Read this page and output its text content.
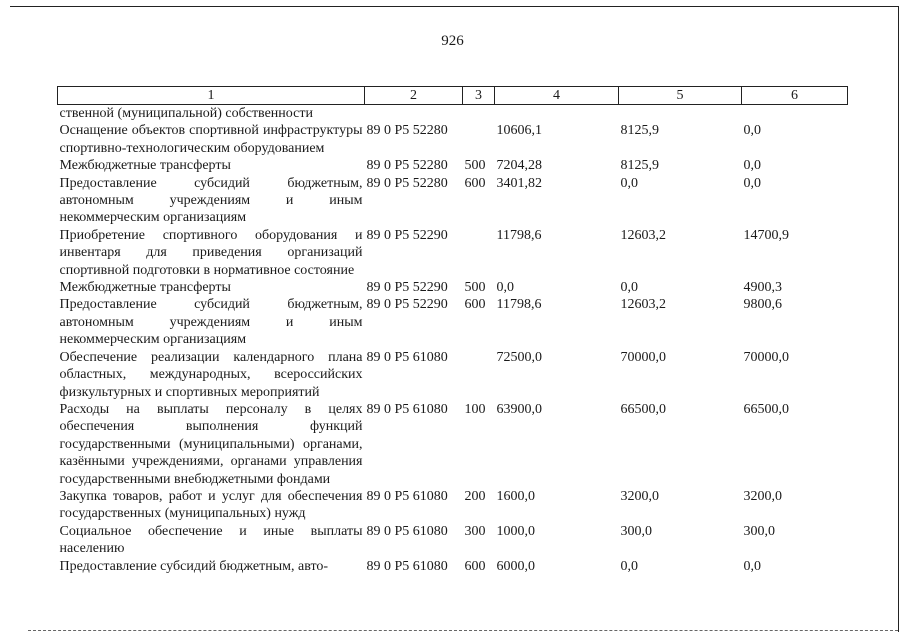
926
1	2	3	4	5	6
ственной (муниципальной) собственности					
Оснащение объектов спортивной инфраструктуры спортивно-технологическим оборудованием	89 0 P5 52280		10606,1	8125,9	0,0
Межбюджетные трансферты	89 0 P5 52280	500	7204,28	8125,9	0,0
Предоставление субсидий бюджетным, автономным учреждениям и иным некоммерческим организациям	89 0 P5 52280	600	3401,82	0,0	0,0
Приобретение спортивного оборудования и инвентаря для приведения организаций спортивной подготовки в нормативное состояние	89 0 P5 52290		11798,6	12603,2	14700,9
Межбюджетные трансферты	89 0 P5 52290	500	0,0	0,0	4900,3
Предоставление субсидий бюджетным, автономным учреждениям и иным некоммерческим организациям	89 0 P5 52290	600	11798,6	12603,2	9800,6
Обеспечение реализации календарного плана областных, международных, всероссийских физкультурных и спортивных мероприятий	89 0 P5 61080		72500,0	70000,0	70000,0
Расходы на выплаты персоналу в целях обеспечения выполнения функций государственными (муниципальными) органами, казёнными учреждениями, органами управления государственными внебюджетными фондами	89 0 P5 61080	100	63900,0	66500,0	66500,0
Закупка товаров, работ и услуг для обеспечения государственных (муниципальных) нужд	89 0 P5 61080	200	1600,0	3200,0	3200,0
Социальное обеспечение и иные выплаты населению	89 0 P5 61080	300	1000,0	300,0	300,0
Предоставление субсидий бюджетным, авто-	89 0 P5 61080	600	6000,0	0,0	0,0
